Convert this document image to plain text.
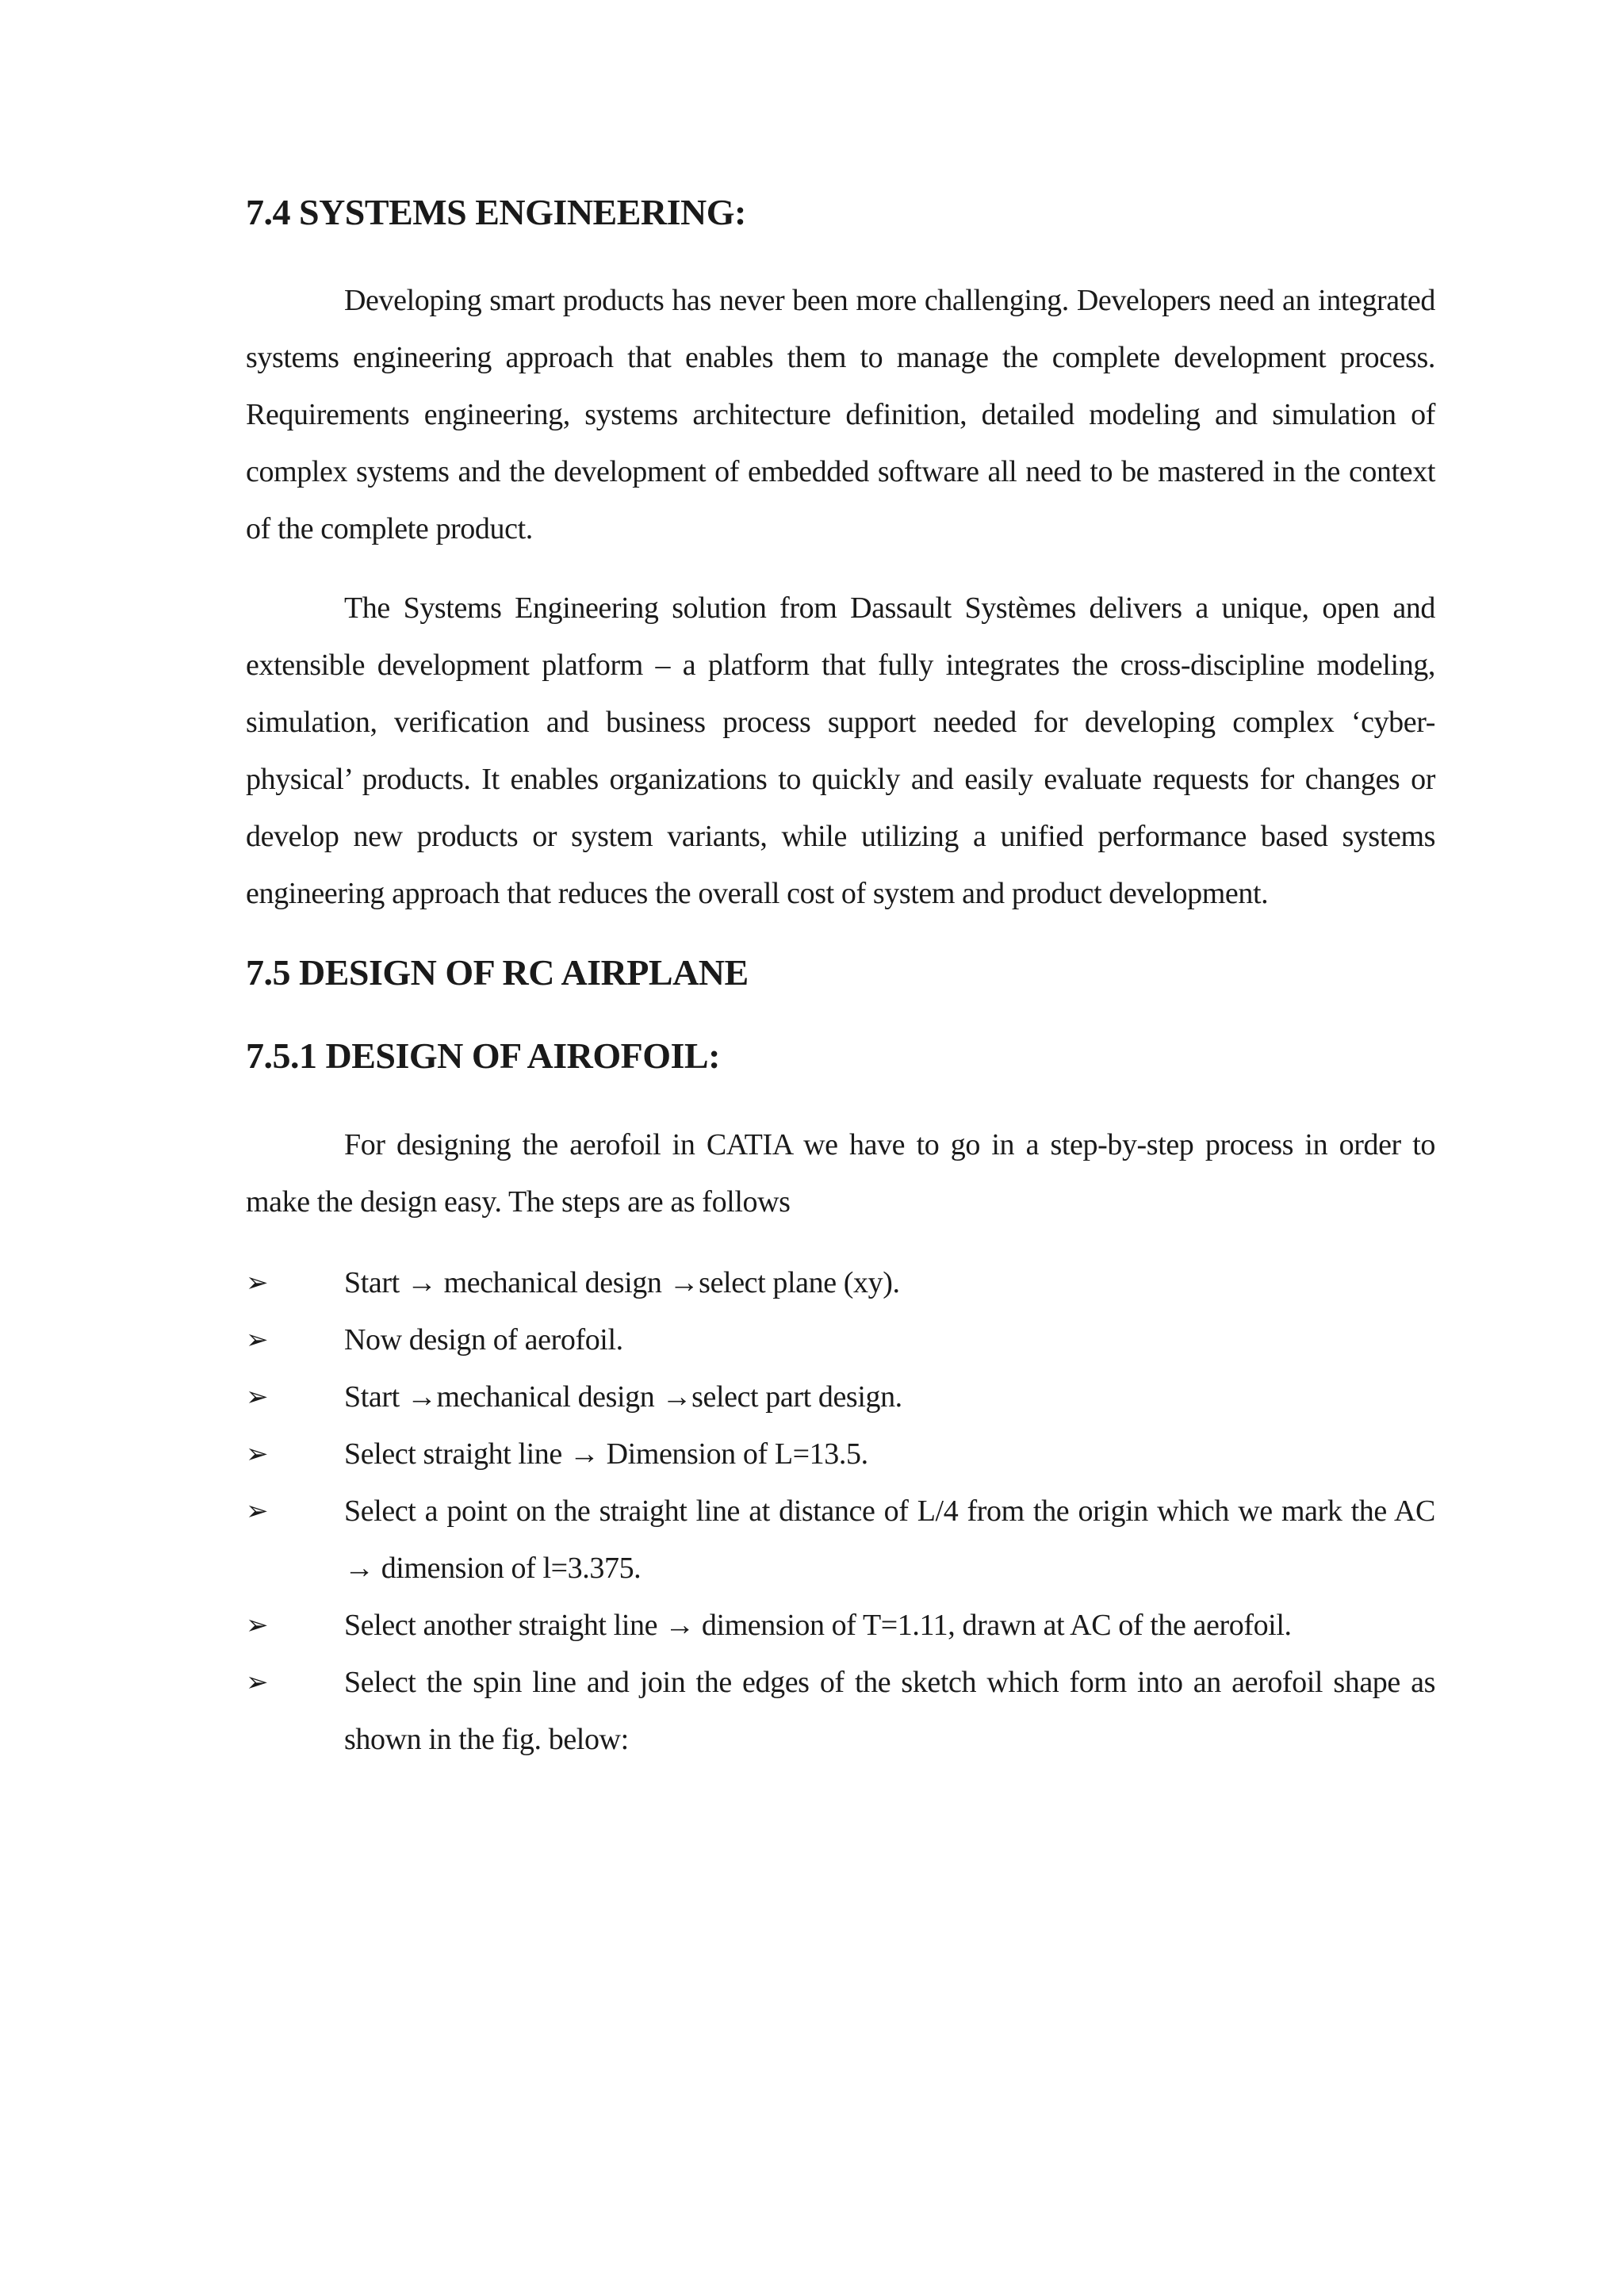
7.4 SYSTEMS ENGINEERING:

Developing smart products has never been more challenging. Developers need an integrated systems engineering approach that enables them to manage the complete development process. Requirements engineering, systems architecture definition, detailed modeling and simulation of complex systems and the development of embedded software all need to be mastered in the context of the complete product.

The Systems Engineering solution from Dassault Systèmes delivers a unique, open and extensible development platform – a platform that fully integrates the cross-discipline modeling, simulation, verification and business process support needed for developing complex ‘cyber-physical’ products. It enables organizations to quickly and easily evaluate requests for changes or develop new products or system variants, while utilizing a unified performance based systems engineering approach that reduces the overall cost of system and product development.

7.5 DESIGN OF RC AIRPLANE
7.5.1 DESIGN OF AIROFOIL:

For designing the aerofoil in CATIA we have to go in a step-by-step process in order to make the design easy. The steps are as follows

➢	Start → mechanical design →select plane (xy).
➢	Now design of aerofoil.
➢	Start →mechanical design →select part design.
➢	Select straight line → Dimension of L=13.5.
➢	Select a point on the straight line at distance of L/4 from the origin which we mark the AC → dimension of l=3.375.
➢	Select another straight line → dimension of T=1.11, drawn at AC of the aerofoil.
➢	Select the spin line and join the edges of the sketch which form into an aerofoil shape as shown in the fig. below:
